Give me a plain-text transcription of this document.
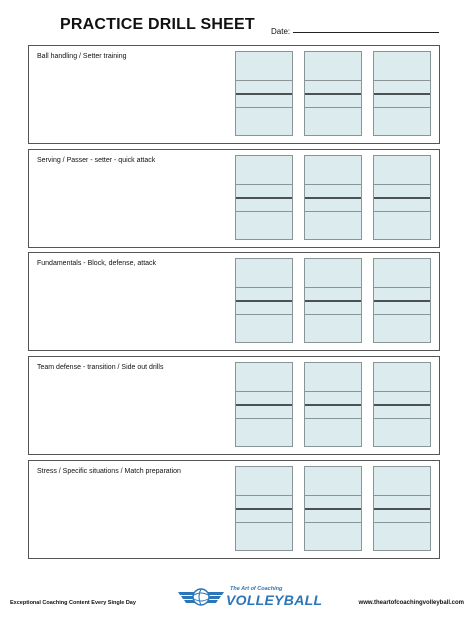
PRACTICE DRILL SHEET Date:
Ball handling / Setter training
Serving / Passer - setter - quick attack
Fundamentals - Block, defense, attack
Team defense - transition / Side out drills
Stress / Specific situations / Match preparation
Exceptional Coaching Content Every Single Day
The Art of Coaching
VOLLEYBALL	www.theartofcoachingvolleyball.com
